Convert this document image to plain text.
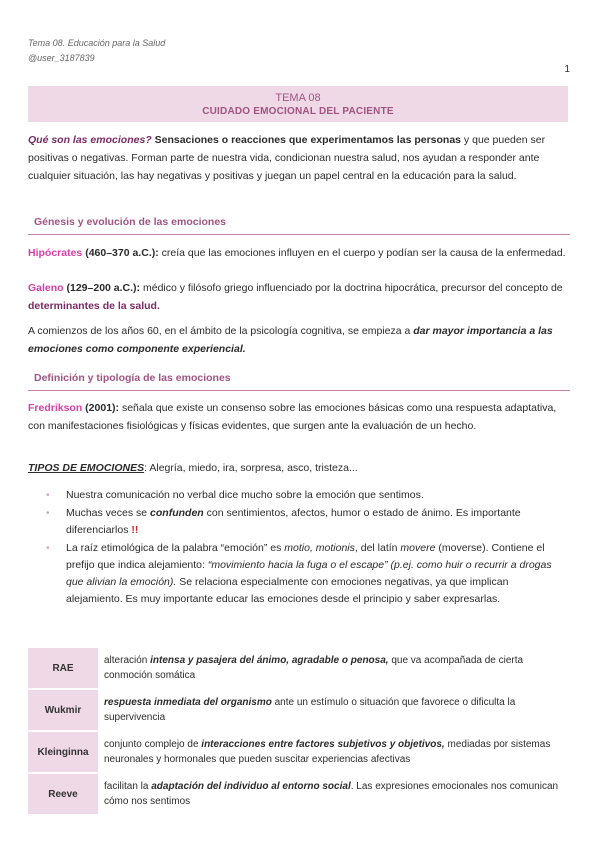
Tema 08. Educación para la Salud
@user_3187839
1
TEMA 08
CUIDADO EMOCIONAL DEL PACIENTE
Qué son las emociones? Sensaciones o reacciones que experimentamos las personas y que pueden ser positivas o negativas. Forman parte de nuestra vida, condicionan nuestra salud, nos ayudan a responder ante cualquier situación, las hay negativas y positivas y juegan un papel central en la educación para la salud.
Génesis y evolución de las emociones
Hipócrates (460–370 a.C.): creía que las emociones influyen en el cuerpo y podían ser la causa de la enfermedad.
Galeno (129–200 a.C.): médico y filósofo griego influenciado por la doctrina hipocrática, precursor del concepto de determinantes de la salud.
A comienzos de los años 60, en el ámbito de la psicología cognitiva, se empieza a dar mayor importancia a las emociones como componente experiencial.
Definición y tipología de las emociones
Fredrikson (2001): señala que existe un consenso sobre las emociones básicas como una respuesta adaptativa, con manifestaciones fisiológicas y físicas evidentes, que surgen ante la evaluación de un hecho.
TIPOS DE EMOCIONES: Alegría, miedo, ira, sorpresa, asco, tristeza...
• Nuestra comunicación no verbal dice mucho sobre la emoción que sentimos.
• Muchas veces se confunden con sentimientos, afectos, humor o estado de ánimo. Es importante diferenciarlos !!
• La raíz etimológica de la palabra “emoción” es motio, motionis, del latín movere (moverse). Contiene el prefijo que indica alejamiento: “movimiento hacia la fuga o el escape” (p.ej. como huir o recurrir a drogas que alivian la emoción). Se relaciona especialmente con emociones negativas, ya que implican alejamiento. Es muy importante educar las emociones desde el principio y saber expresarlas.
RAE	alteración intensa y pasajera del ánimo, agradable o penosa, que va acompañada de cierta conmoción somática
Wukmir	respuesta inmediata del organismo ante un estímulo o situación que favorece o dificulta la supervivencia
Kleinginna	conjunto complejo de interacciones entre factores subjetivos y objetivos, mediadas por sistemas neuronales y hormonales que pueden suscitar experiencias afectivas
Reeve	facilitan la adaptación del individuo al entorno social. Las expresiones emocionales nos comunican cómo nos sentimos
